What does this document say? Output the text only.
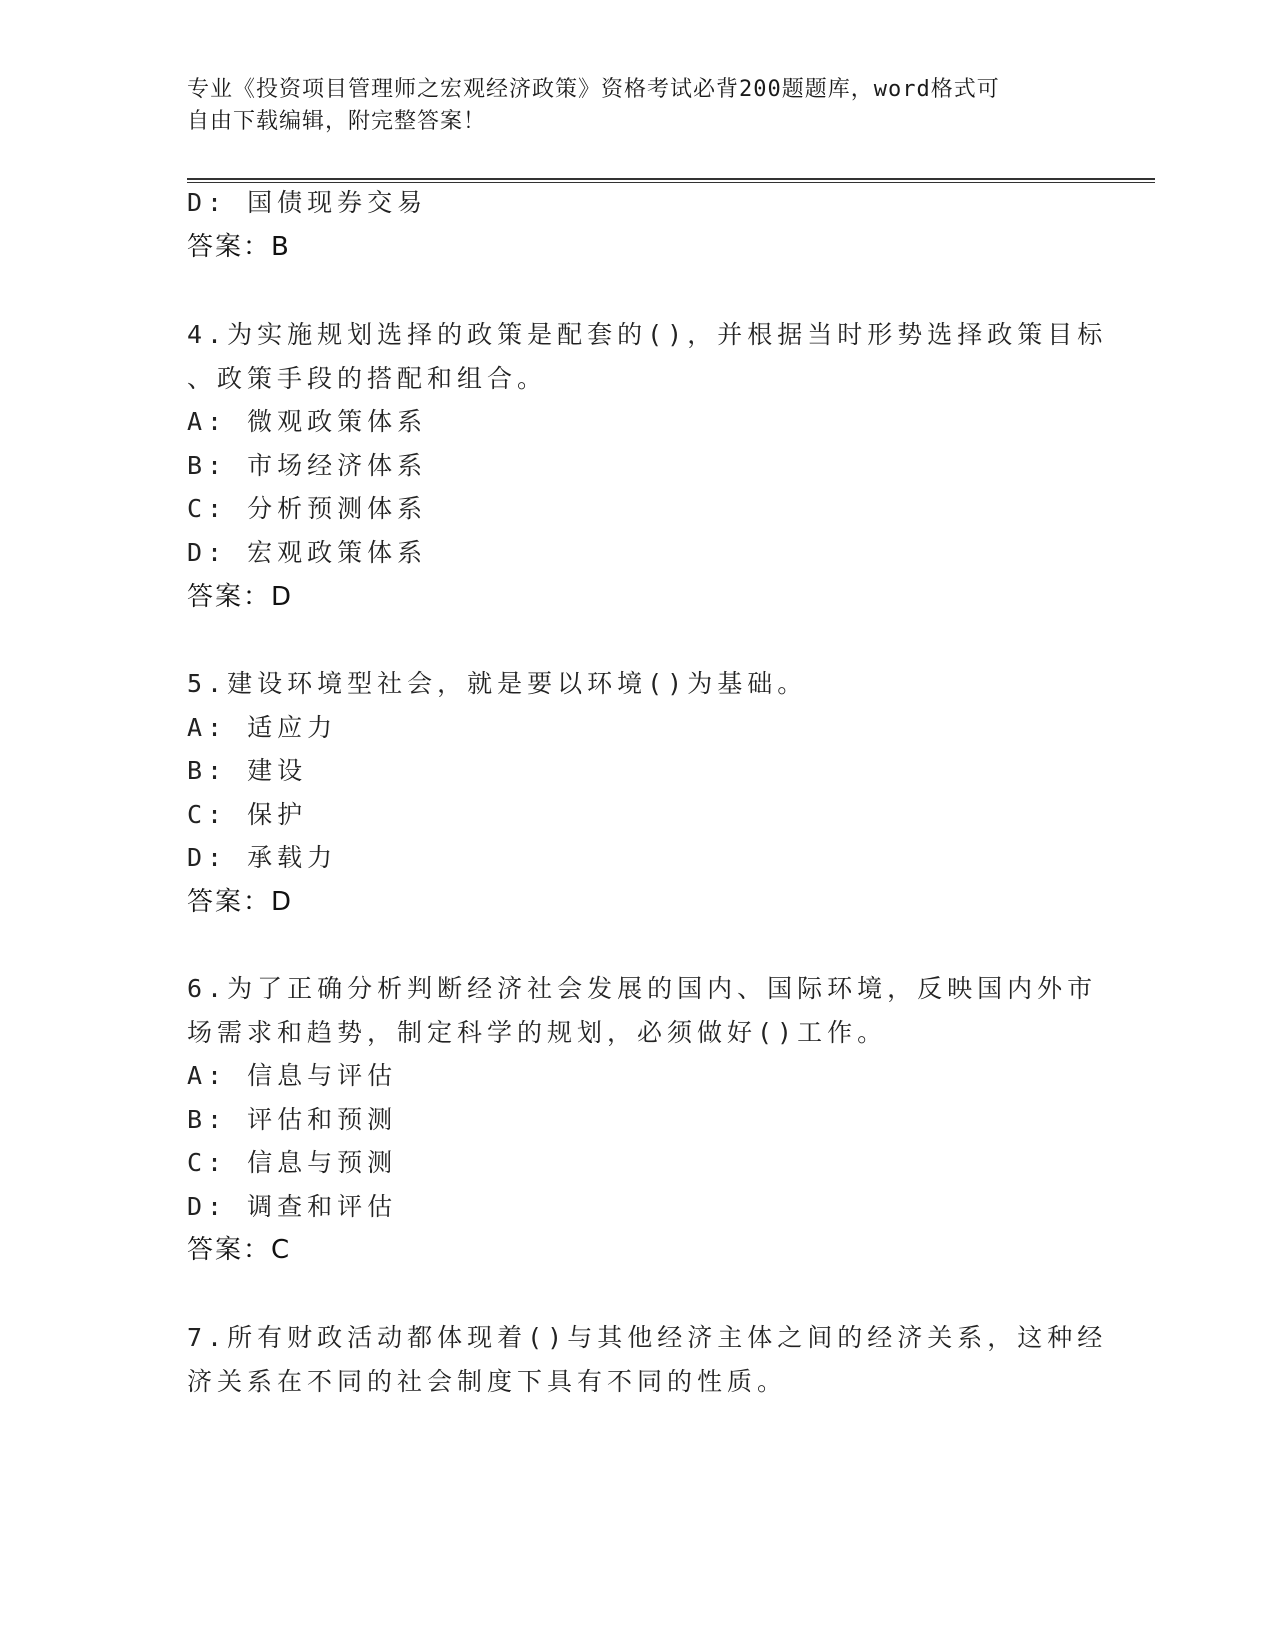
专业《投资项目管理师之宏观经济政策》资格考试必背200题题库，word格式可
自由下载编辑，附完整答案！
D: 国债现券交易
答案：B
4.为实施规划选择的政策是配套的()，并根据当时形势选择政策目标
、政策手段的搭配和组合。
A: 微观政策体系
B: 市场经济体系
C: 分析预测体系
D: 宏观政策体系
答案：D
5.建设环境型社会，就是要以环境()为基础。
A: 适应力
B: 建设
C: 保护
D: 承载力
答案：D
6.为了正确分析判断经济社会发展的国内、国际环境，反映国内外市
场需求和趋势，制定科学的规划，必须做好()工作。
A: 信息与评估
B: 评估和预测
C: 信息与预测
D: 调查和评估
答案：C
7.所有财政活动都体现着()与其他经济主体之间的经济关系，这种经
济关系在不同的社会制度下具有不同的性质。
